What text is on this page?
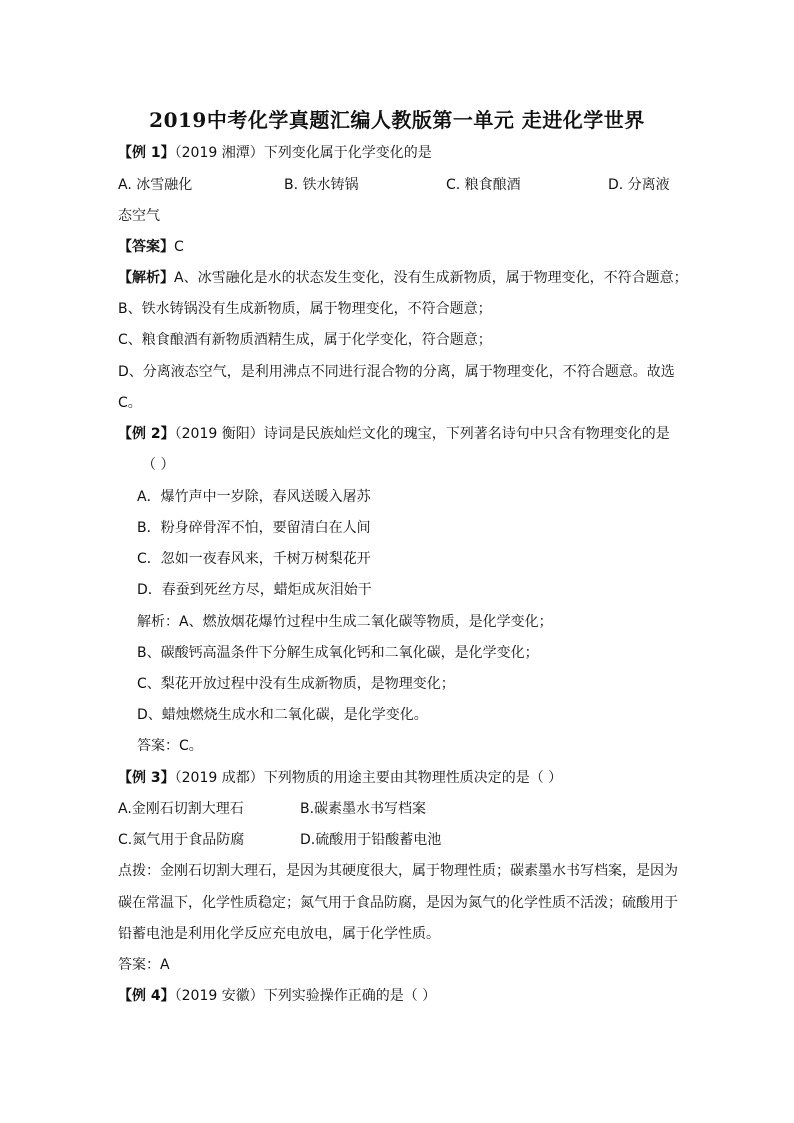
2019中考化学真题汇编人教版第一单元 走进化学世界
【例 1】（2019 湘潭）下列变化属于化学变化的是
A. 冰雪融化	B. 铁水铸锅	C. 粮食酿酒	D. 分离液
态空气
【答案】C
【解析】A、冰雪融化是水的状态发生变化，没有生成新物质，属于物理变化，不符合题意；
B、铁水铸锅没有生成新物质，属于物理变化，不符合题意；
C、粮食酿酒有新物质酒精生成，属于化学变化，符合题意；
D、分离液态空气，是利用沸点不同进行混合物的分离，属于物理变化，不符合题意。故选
C。
【例 2】（2019 衡阳）诗词是民族灿烂文化的瑰宝，下列著名诗句中只含有物理变化的是
（ ）
A．爆竹声中一岁除，春风送暖入屠苏
B．粉身碎骨浑不怕，要留清白在人间
C．忽如一夜春风来，千树万树梨花开
D．春蚕到死丝方尽，蜡炬成灰泪始干
解析：A、燃放烟花爆竹过程中生成二氧化碳等物质，是化学变化；
B、碳酸钙高温条件下分解生成氧化钙和二氧化碳，是化学变化；
C、梨花开放过程中没有生成新物质，是物理变化；
D、蜡烛燃烧生成水和二氧化碳，是化学变化。
答案：C。
【例 3】（2019 成都）下列物质的用途主要由其物理性质决定的是（ ）
A.金刚石切割大理石	B.碳素墨水书写档案
C.氮气用于食品防腐	D.硫酸用于铅酸蓄电池
点拨：金刚石切割大理石，是因为其硬度很大，属于物理性质；碳素墨水书写档案，是因为
碳在常温下，化学性质稳定；氮气用于食品防腐，是因为氮气的化学性质不活泼；硫酸用于
铅蓄电池是利用化学反应充电放电，属于化学性质。
答案：A
【例 4】（2019 安徽）下列实验操作正确的是（ ）
